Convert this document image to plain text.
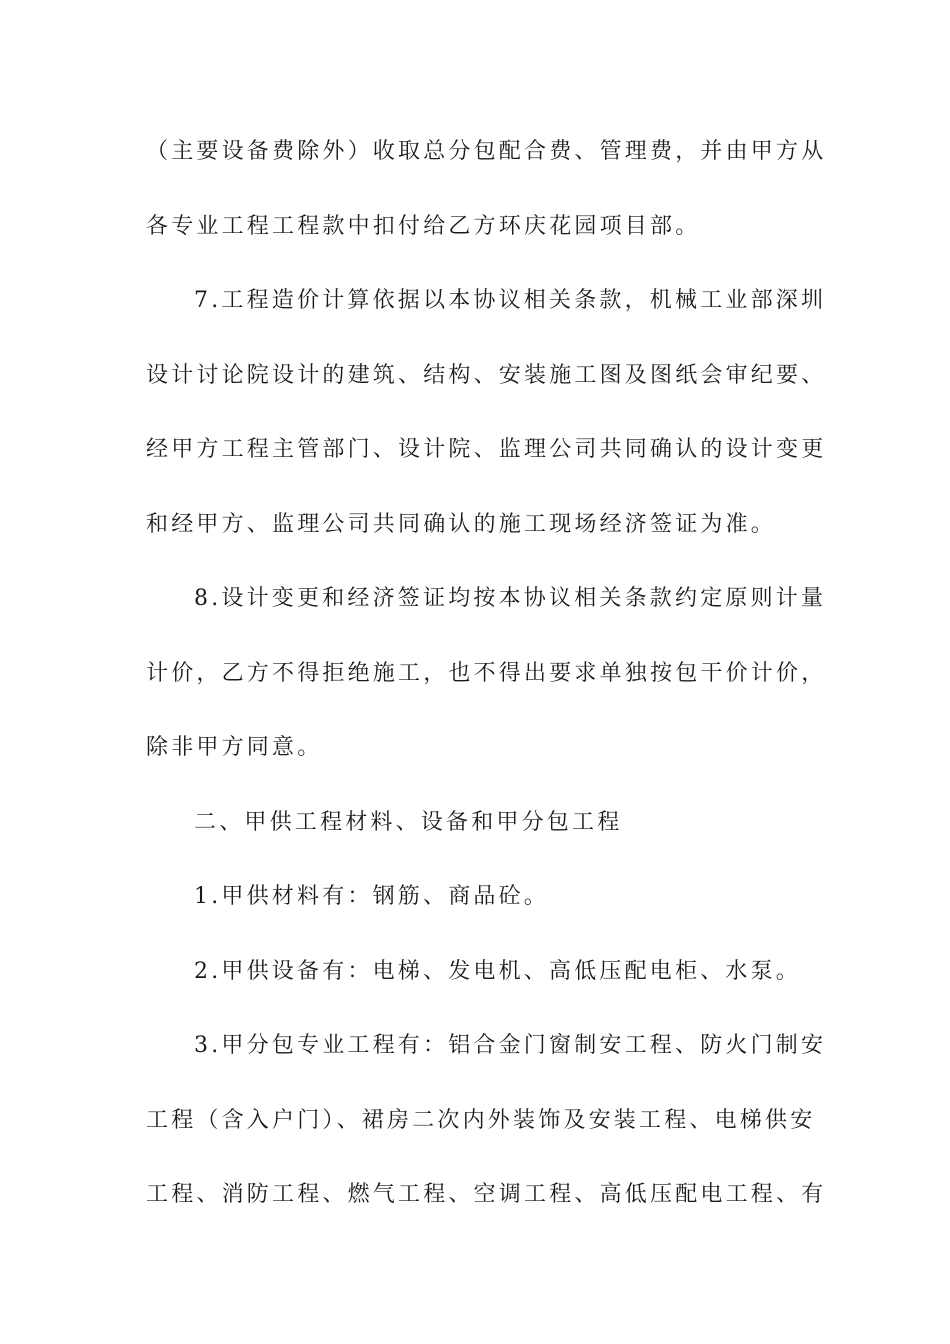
（主要设备费除外）收取总分包配合费、管理费，并由甲方从
各专业工程工程款中扣付给乙方环庆花园项目部。
7.工程造价计算依据以本协议相关条款，机械工业部深圳
设计讨论院设计的建筑、结构、安装施工图及图纸会审纪要、
经甲方工程主管部门、设计院、监理公司共同确认的设计变更
和经甲方、监理公司共同确认的施工现场经济签证为准。
8.设计变更和经济签证均按本协议相关条款约定原则计量
计价，乙方不得拒绝施工，也不得出要求单独按包干价计价，
除非甲方同意。
二、甲供工程材料、设备和甲分包工程
1.甲供材料有：钢筋、商品砼。
2.甲供设备有：电梯、发电机、高低压配电柜、水泵。
3.甲分包专业工程有：铝合金门窗制安工程、防火门制安
工程（含入户门）、裙房二次内外装饰及安装工程、电梯供安
工程、消防工程、燃气工程、空调工程、高低压配电工程、有
